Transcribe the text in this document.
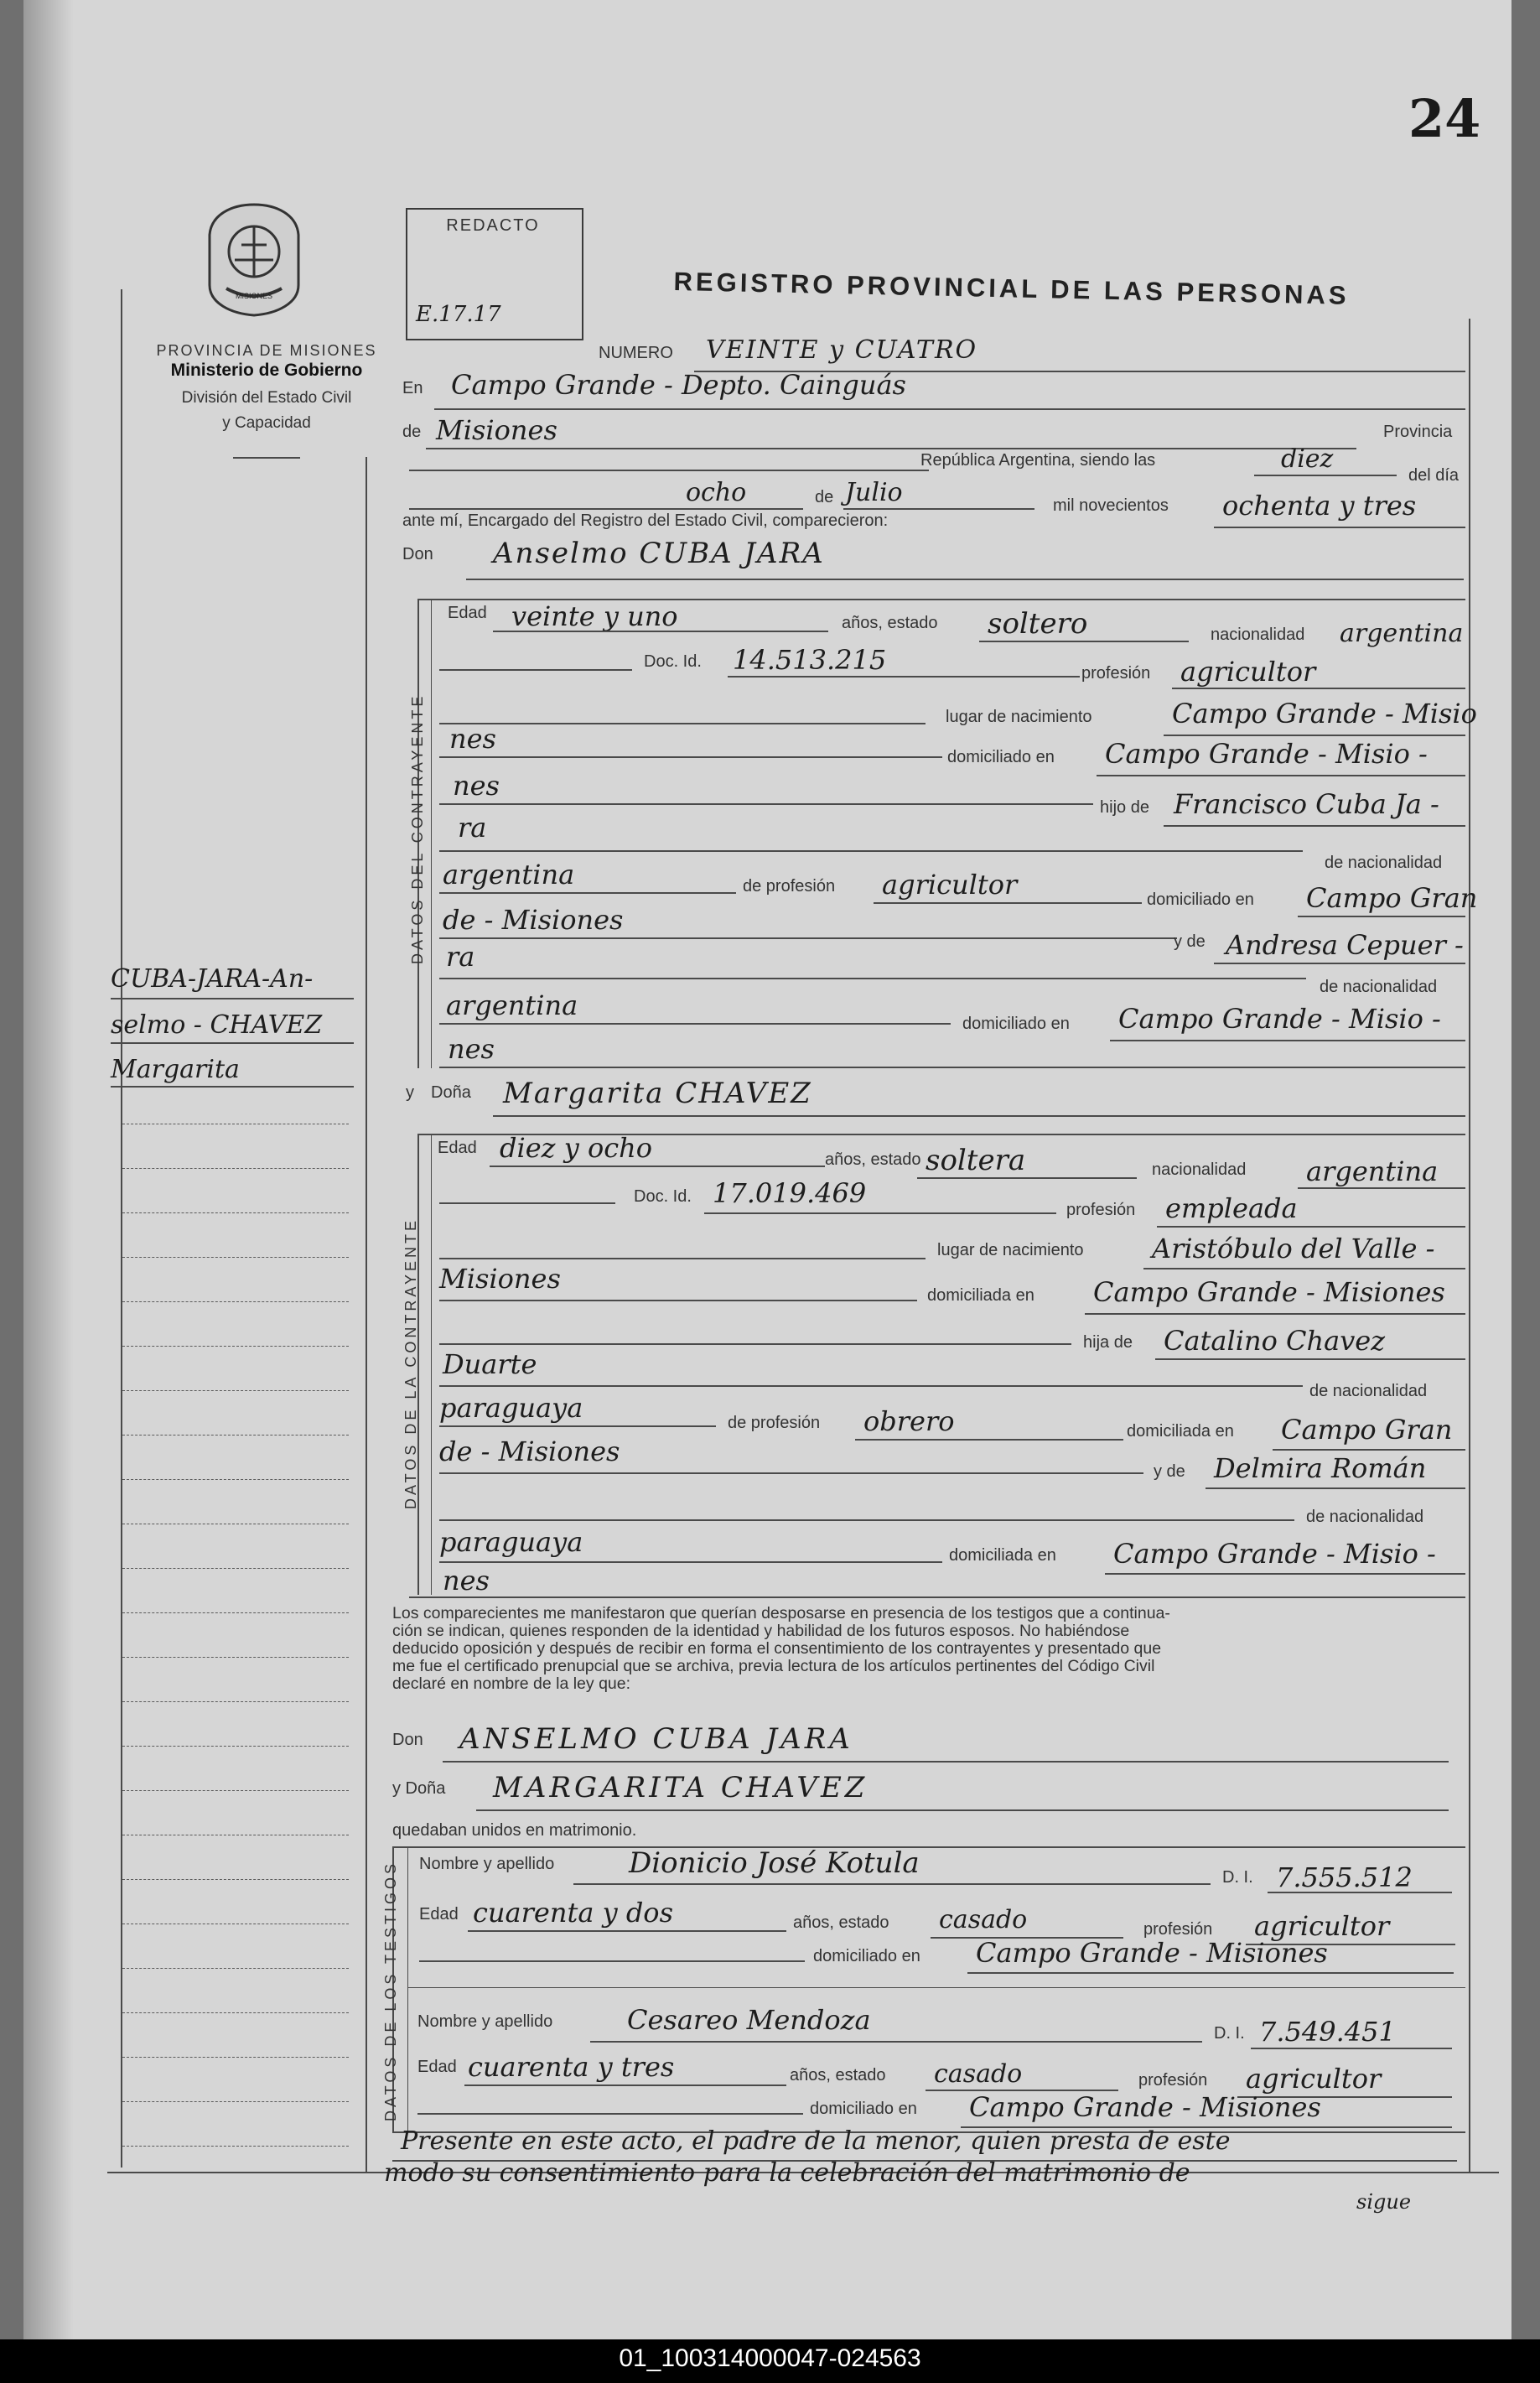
24
MISIONES
PROVINCIA DE MISIONES
Ministerio de Gobierno
División del Estado Civil
y Capacidad
REDACTO
E.17.17
REGISTRO PROVINCIAL DE LAS PERSONAS
CUBA-JARA-An-
selmo - CHAVEZ
Margarita
NUMERO VEINTE y CUATRO
En Campo Grande - Depto. Cainguás
de Misiones	Provincia
República Argentina, siendo las	diez
del día
ocho	de Julio	mil novecientos ochenta y tres
ante mí, Encargado del Registro del Estado Civil, comparecieron:
Don Anselmo CUBA JARA
DATOS DEL CONTRAYENTE
Edad veinte y uno	años, estado soltero	nacionalidad argentina
Doc. Id. 14.513.215	profesión agricultor
lugar de nacimiento	Campo Grande - Misio
nes
domiciliado en Campo Grande - Misio -
nes
hijo de Francisco Cuba Ja -
ra
de nacionalidad
argentina	de profesión agricultor	domiciliado en Campo Gran
de - Misiones
y de Andresa Cepuer -
ra
de nacionalidad
argentina
domiciliado en Campo Grande - Misio -
nes
y Doña Margarita CHAVEZ
DATOS DE LA CONTRAYENTE
Edad diez y ocho	años, estado soltera	nacionalidad argentina
Doc. Id. 17.019.469
profesión empleada
lugar de nacimiento	Aristóbulo del Valle -
Misiones
domiciliada en Campo Grande - Misiones
hija de Catalino Chavez
Duarte
de nacionalidad
paraguaya	de profesión obrero	domiciliada en Campo Gran
de - Misiones
y de Delmira Román
de nacionalidad
paraguaya	domiciliada en Campo Grande - Misio -
nes
Los comparecientes me manifestaron que querían desposarse en presencia de los testigos que a continua-
ción se indican, quienes responden de la identidad y habilidad de los futuros esposos. No habiéndose
deducido oposición y después de recibir en forma el consentimiento de los contrayentes y presentado que
me fue el certificado prenupcial que se archiva, previa lectura de los artículos pertinentes del Código Civil
declaré en nombre de la ley que:
Don ANSELMO CUBA JARA
y Doña MARGARITA CHAVEZ
quedaban unidos en matrimonio.
DATOS DE LOS TESTIGOS Nombre y apellido	Dionicio José Kotula	D. I. 7.555.512
Edad cuarenta y dos	años, estado casado	profesión agricultor
domiciliado en Campo Grande - Misiones
Nombre y apellido	Cesareo Mendoza	D. I. 7.549.451
Edad cuarenta y tres	años, estado casado	profesión agricultor
domiciliado en Campo Grande - Misiones
Presente en este acto, el padre de la menor, quien presta de este
modo su consentimiento para la celebración del matrimonio de
sigue
01_100314000047-024563
